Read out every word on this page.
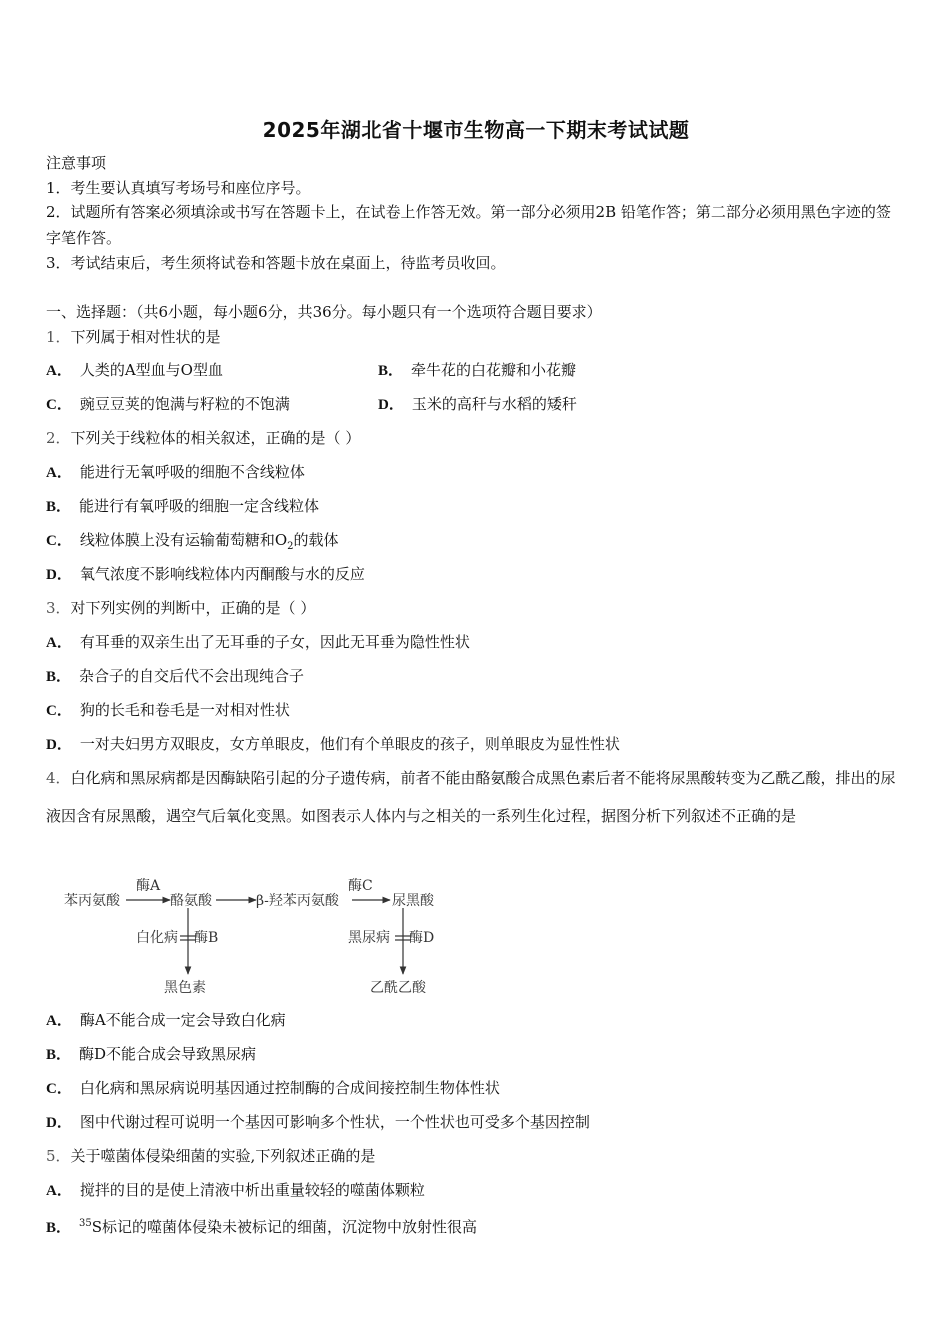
2025年湖北省十堰市生物高一下期末考试试题
注意事项
1．考生要认真填写考场号和座位序号。
2．试题所有答案必须填涂或书写在答题卡上，在试卷上作答无效。第一部分必须用2B 铅笔作答；第二部分必须用黑色字迹的签字笔作答。
3．考试结束后，考生须将试卷和答题卡放在桌面上，待监考员收回。
一、选择题：（共6小题，每小题6分，共36分。每小题只有一个选项符合题目要求）
1．下列属于相对性状的是
A． 人类的A型血与O型血	B． 牵牛花的白花瓣和小花瓣
C． 豌豆豆荚的饱满与籽粒的不饱满	D． 玉米的高秆与水稻的矮秆
2．下列关于线粒体的相关叙述，正确的是（ ）
A． 能进行无氧呼吸的细胞不含线粒体
B． 能进行有氧呼吸的细胞一定含线粒体
C． 线粒体膜上没有运输葡萄糖和$O_2$的载体
D． 氧气浓度不影响线粒体内丙酮酸与水的反应
3．对下列实例的判断中，正确的是（ ）
A． 有耳垂的双亲生出了无耳垂的子女，因此无耳垂为隐性性状
B． 杂合子的自交后代不会出现纯合子
C． 狗的长毛和卷毛是一对相对性状
D． 一对夫妇男方双眼皮，女方单眼皮，他们有个单眼皮的孩子，则单眼皮为显性性状
4．白化病和黑尿病都是因酶缺陷引起的分子遗传病，前者不能由酪氨酸合成黑色素后者不能将尿黑酸转变为乙酰乙酸，排出的尿液因含有尿黑酸，遇空气后氧化变黑。如图表示人体内与之相关的一系列生化过程，据图分析下列叙述不正确的是
苯丙氨酸
酶A
酪氨酸	β-羟苯丙氨酸
酶C
尿黑酸
白化病 酶B
黑色素
黑尿病 酶D
乙酰乙酸
A． 酶A不能合成一定会导致白化病
B． 酶D不能合成会导致黑尿病
C． 白化病和黑尿病说明基因通过控制酶的合成间接控制生物体性状
D． 图中代谢过程可说明一个基因可影响多个性状，一个性状也可受多个基因控制
5．关于噬菌体侵染细菌的实验,下列叙述正确的是
A． 搅拌的目的是使上清液中析出重量较轻的噬菌体颗粒
B． $^{35}$S标记的噬菌体侵染未被标记的细菌，沉淀物中放射性很高
